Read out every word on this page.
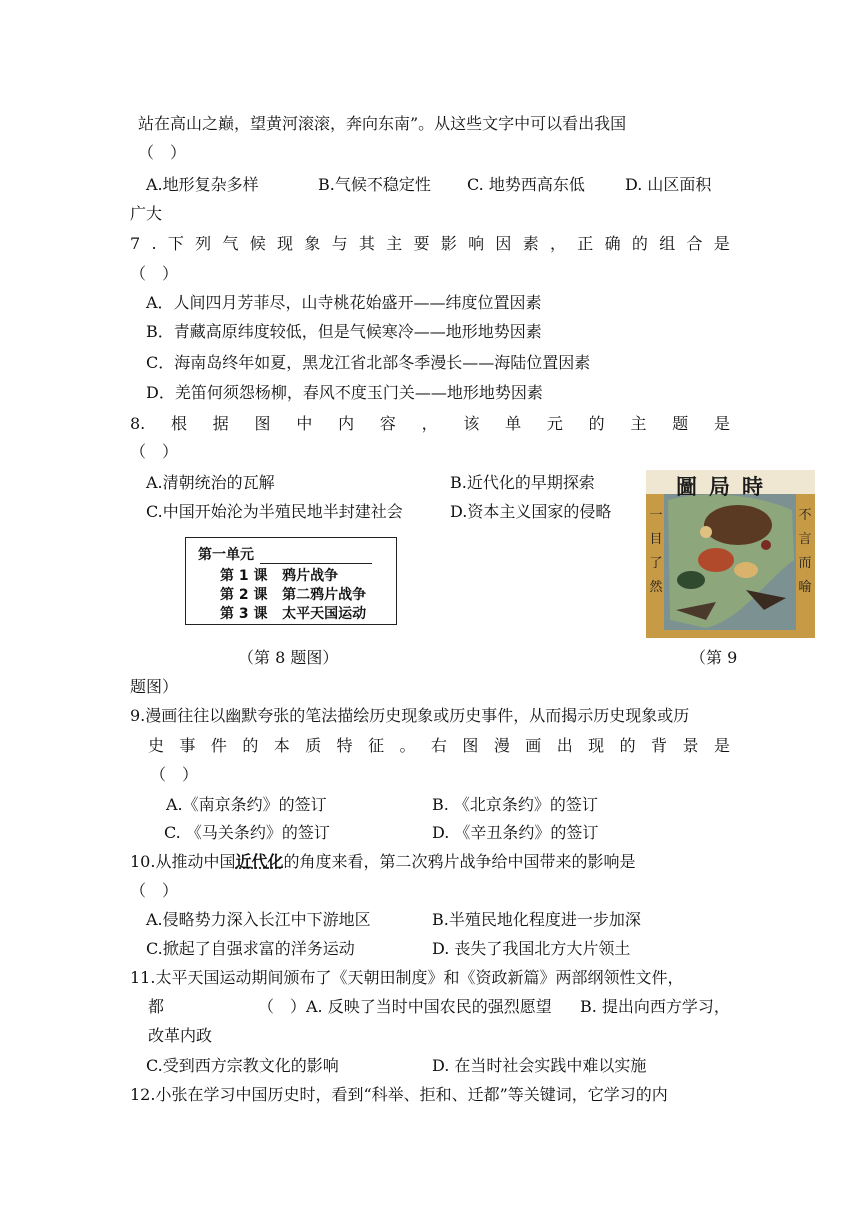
站在高山之巅，望黄河滚滚，奔向东南”。从这些文字中可以看出我国
（　）
A.地形复杂多样	B.气候不稳定性 C. 地势西高东低	D. 山区面积
广大
7 . 下 列 气 候 现 象 与 其 主 要 影 响 因 素 ， 正 确 的 组 合 是
（　）
A．人间四月芳菲尽，山寺桃花始盛开——纬度位置因素
B．青藏高原纬度较低，但是气候寒冷——地形地势因素
C．海南岛终年如夏，黑龙江省北部冬季漫长——海陆位置因素
D．羌笛何须怨杨柳，春风不度玉门关——地形地势因素
8. 根 据 图 中 内 容 ， 该 单 元 的 主 题 是
（　）
A.清朝统治的瓦解	B.近代化的早期探索
C.中国开始沦为半殖民地半封建社会	D.资本主义国家的侵略
第一单元
第 1 课 鸦片战争
第 2 课 第二鸦片战争
第 3 课 太平天国运动
圖局時
不
言
而
喻
一
目
了
然
（第 8 题图）	（第 9
题图）
9.漫画往往以幽默夸张的笔法描绘历史现象或历史事件，从而揭示历史现象或历
史 事 件 的 本 质 特 征 。 右 图 漫 画 出 现 的 背 景 是
（　）
A.《南京条约》的签订	B. 《北京条约》的签订
C. 《马关条约》的签订	D. 《辛丑条约》的签订
10.从推动中国近代化的角度来看，第二次鸦片战争给中国带来的影响是
（　）
A.侵略势力深入长江中下游地区	B.半殖民地化程度进一步加深
C.掀起了自强求富的洋务运动	D. 丧失了我国北方大片领土
11.太平天国运动期间颁布了《天朝田制度》和《资政新篇》两部纲领性文件，
都	（　）A. 反映了当时中国农民的强烈愿望 B. 提出向西方学习，
改革内政
C.受到西方宗教文化的影响	D. 在当时社会实践中难以实施
12.小张在学习中国历史时，看到“科举、拒和、迁都”等关键词，它学习的内
